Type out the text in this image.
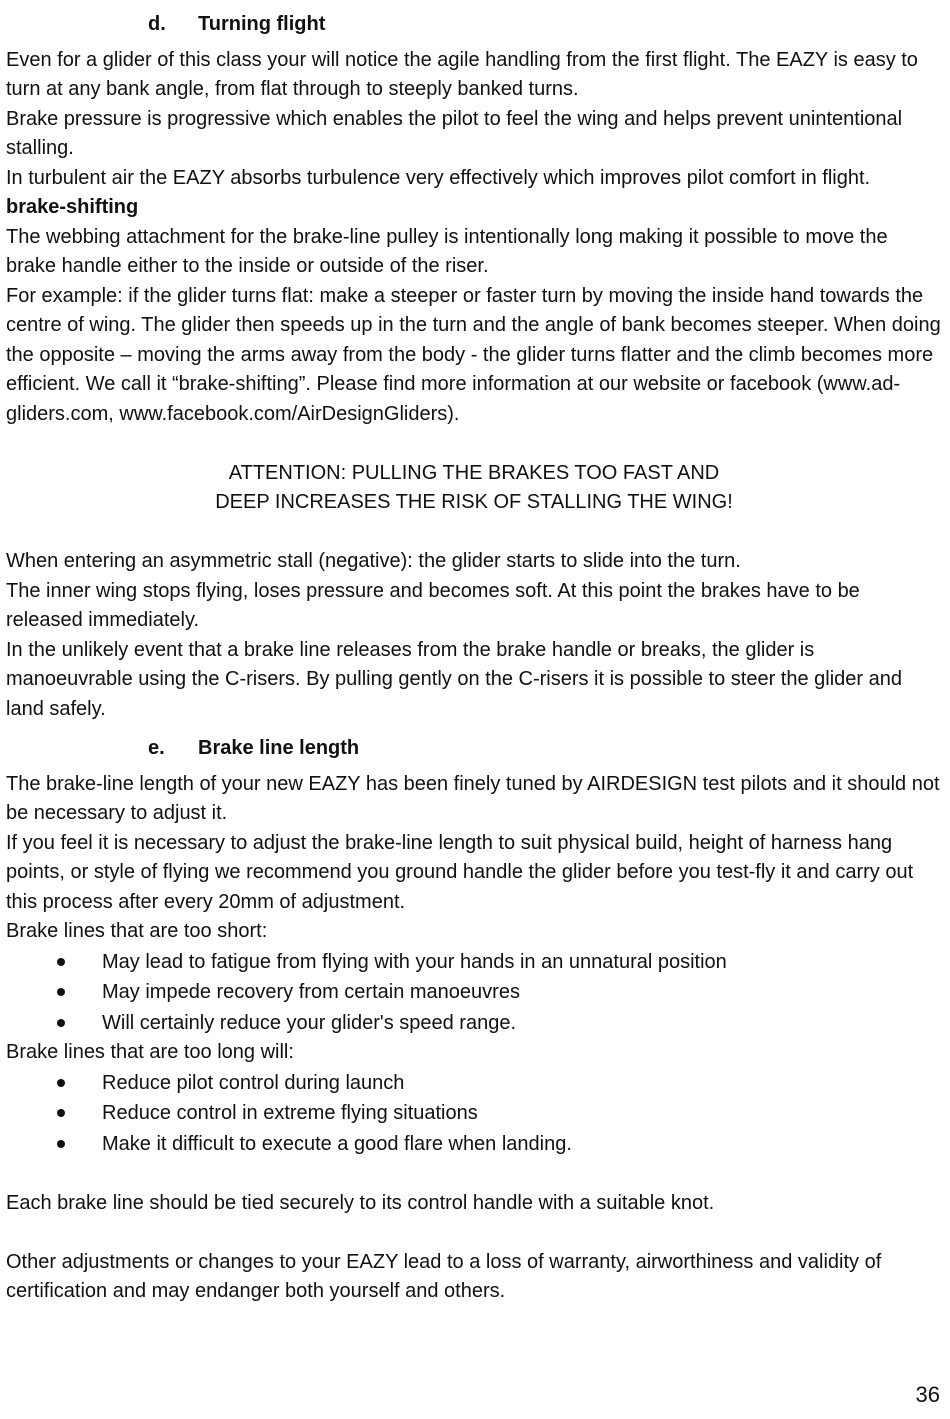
d.	Turning flight

Even for a glider of this class your will notice the agile handling from the first flight. The EAZY is easy to turn at any bank angle, from flat through to steeply banked turns.

Brake pressure is progressive which enables the pilot to feel the wing and helps prevent unintentional stalling.

In turbulent air the EAZY absorbs turbulence very effectively which improves pilot comfort in flight.

brake-shifting

The webbing attachment for the brake-line pulley is intentionally long making it possible to move the brake handle either to the inside or outside of the riser.

For example: if the glider turns flat: make a steeper or faster turn by moving the inside hand towards the centre of wing. The glider then speeds up in the turn and the angle of bank becomes steeper. When doing the opposite – moving the arms away from the body - the glider turns flatter and the climb becomes more efficient. We call it “brake-shifting”. Please find more information at our website or facebook (www.ad-gliders.com, www.facebook.com/AirDesignGliders).

ATTENTION: PULLING THE BRAKES TOO FAST AND

DEEP INCREASES THE RISK OF STALLING THE WING!

When entering an asymmetric stall (negative): the glider starts to slide into the turn.

The inner wing stops flying, loses pressure and becomes soft. At this point the brakes have to be released immediately.

In the unlikely event that a brake line releases from the brake handle or breaks, the glider is manoeuvrable using the C-risers. By pulling gently on the C-risers it is possible to steer the glider and land safely.

e.	Brake line length

The brake-line length of your new EAZY has been finely tuned by AIRDESIGN test pilots and it should not be necessary to adjust it.

If you feel it is necessary to adjust the brake-line length to suit physical build, height of harness hang points, or style of flying we recommend you ground handle the glider before you test-fly it and carry out this process after every 20mm of adjustment.

Brake lines that are too short:

May lead to fatigue from flying with your hands in an unnatural position
May impede recovery from certain manoeuvres
Will certainly reduce your glider's speed range.

Brake lines that are too long will:

Reduce pilot control during launch
Reduce control in extreme flying situations
Make it difficult to execute a good flare when landing.

Each brake line should be tied securely to its control handle with a suitable knot.

Other adjustments or changes to your EAZY lead to a loss of warranty, airworthiness and validity of certification and may endanger both yourself and others.

36
